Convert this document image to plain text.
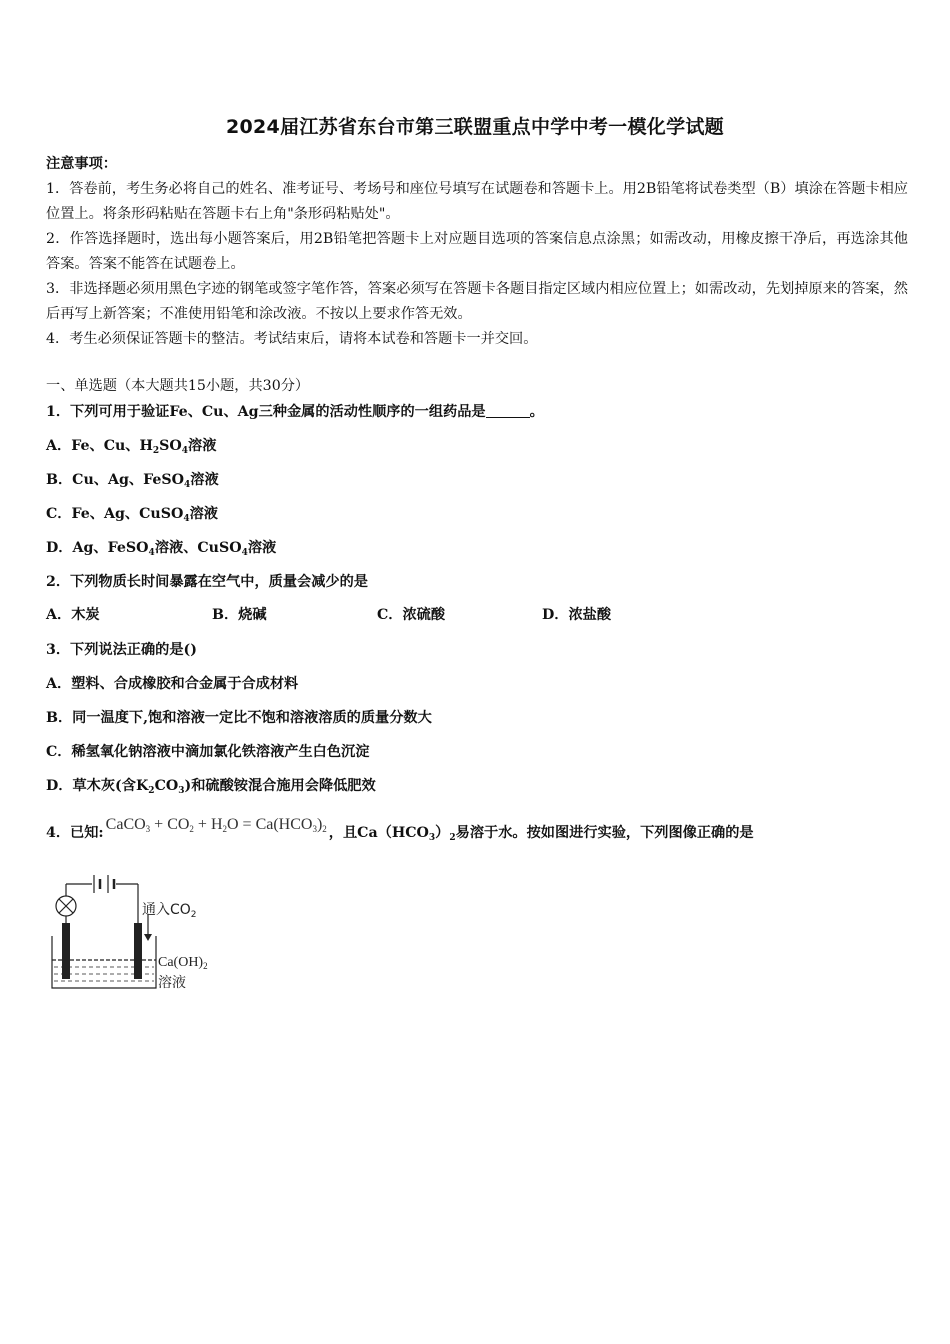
2024届江苏省东台市第三联盟重点中学中考一模化学试题

注意事项：

1．答卷前，考生务必将自己的姓名、准考证号、考场号和座位号填写在试题卷和答题卡上。用2B铅笔将试卷类型（B）填涂在答题卡相应位置上。将条形码粘贴在答题卡右上角"条形码粘贴处"。

2．作答选择题时，选出每小题答案后，用2B铅笔把答题卡上对应题目选项的答案信息点涂黑；如需改动，用橡皮擦干净后，再选涂其他答案。答案不能答在试题卷上。

3．非选择题必须用黑色字迹的钢笔或签字笔作答，答案必须写在答题卡各题目指定区域内相应位置上；如需改动，先划掉原来的答案，然后再写上新答案；不准使用铅笔和涂改液。不按以上要求作答无效。

4．考生必须保证答题卡的整洁。考试结束后，请将本试卷和答题卡一并交回。

一、单选题（本大题共15小题，共30分）
1．下列可用于验证Fe、Cu、Ag三种金属的活动性顺序的一组药品是	。
A．Fe、Cu、$H_2SO_4$溶液
B．Cu、Ag、FeSO$_4$溶液
C．Fe、Ag、CuSO$_4$溶液
D．Ag、FeSO$_4$溶液、CuSO$_4$溶液
2．下列物质长时间暴露在空气中，质量会减少的是
A．木炭	B．烧碱	C．浓硫酸	D．浓盐酸
3．下列说法正确的是()
A．塑料、合成橡胶和合金属于合成材料
B．同一温度下,饱和溶液一定比不饱和溶液溶质的质量分数大
C．稀氢氧化钠溶液中滴加氯化铁溶液产生白色沉淀
D．草木灰(含$K_2CO_3$)和硫酸铵混合施用会降低肥效
4．已知: CaCO$_3$ + $CO_2 + H_2O = Ca(HCO_3)_2$ ，且$Ca(HCO_3)_2$易溶于水。按如图进行实验，下列图像正确的是
通入$CO_2$
$Ca(OH)_2$
溶液
